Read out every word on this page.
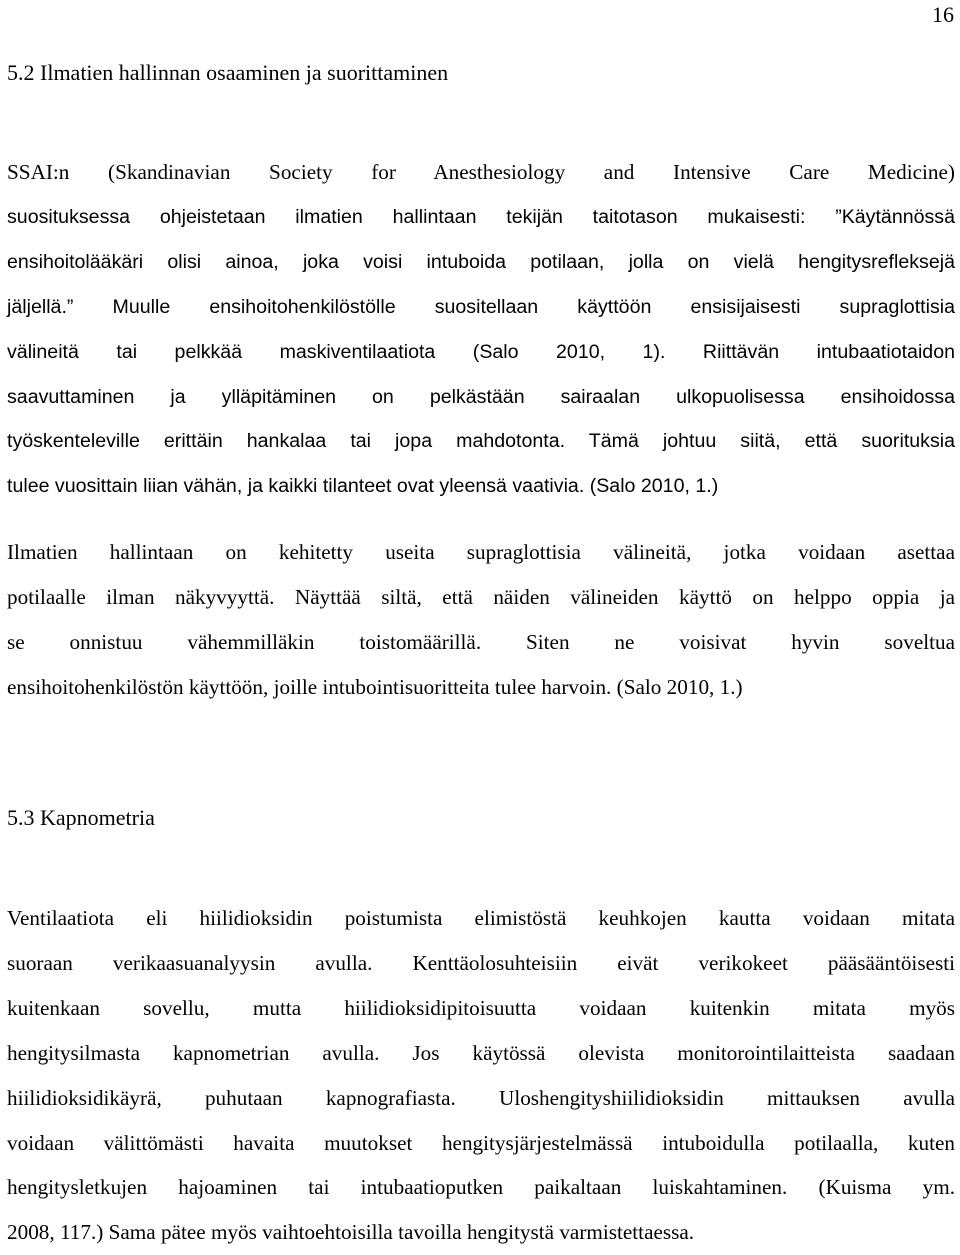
16
5.2 Ilmatien hallinnan osaaminen ja suorittaminen

SSAI:n (Skandinavian Society for Anesthesiology and Intensive Care Medicine)
suosituksessa ohjeistetaan ilmatien hallintaan tekijän taitotason mukaisesti: ”Käytännössä
ensihoitolääkäri olisi ainoa, joka voisi intuboida potilaan, jolla on vielä hengitysrefleksejä
jäljellä.” Muulle ensihoitohenkilöstölle suositellaan käyttöön ensisijaisesti supraglottisia
välineitä tai pelkkää maskiventilaatiota (Salo 2010, 1). Riittävän intubaatiotaidon
saavuttaminen ja ylläpitäminen on pelkästään sairaalan ulkopuolisessa ensihoidossa
työskenteleville erittäin hankalaa tai jopa mahdotonta. Tämä johtuu siitä, että suorituksia
tulee vuosittain liian vähän, ja kaikki tilanteet ovat yleensä vaativia. (Salo 2010, 1.)

Ilmatien hallintaan on kehitetty useita supraglottisia välineitä, jotka voidaan asettaa
potilaalle ilman näkyvyyttä. Näyttää siltä, että näiden välineiden käyttö on helppo oppia ja
se onnistuu vähemmilläkin toistomäärillä. Siten ne voisivat hyvin soveltua
ensihoitohenkilöstön käyttöön, joille intubointisuoritteita tulee harvoin. (Salo 2010, 1.)

5.3 Kapnometria

Ventilaatiota eli hiilidioksidin poistumista elimistöstä keuhkojen kautta voidaan mitata
suoraan verikaasuanalyysin avulla. Kenttäolosuhteisiin eivät verikokeet pääsääntöisesti
kuitenkaan sovellu, mutta hiilidioksidipitoisuutta voidaan kuitenkin mitata myös
hengitysilmasta kapnometrian avulla. Jos käytössä olevista monitorointilaitteista saadaan
hiilidioksidikäyrä, puhutaan kapnografiasta. Uloshengityshiilidioksidin mittauksen avulla
voidaan välittömästi havaita muutokset hengitysjärjestelmässä intuboidulla potilaalla, kuten
hengitysletkujen hajoaminen tai intubaatioputken paikaltaan luiskahtaminen. (Kuisma ym.
2008, 117.) Sama pätee myös vaihtoehtoisilla tavoilla hengitystä varmistettaessa.
